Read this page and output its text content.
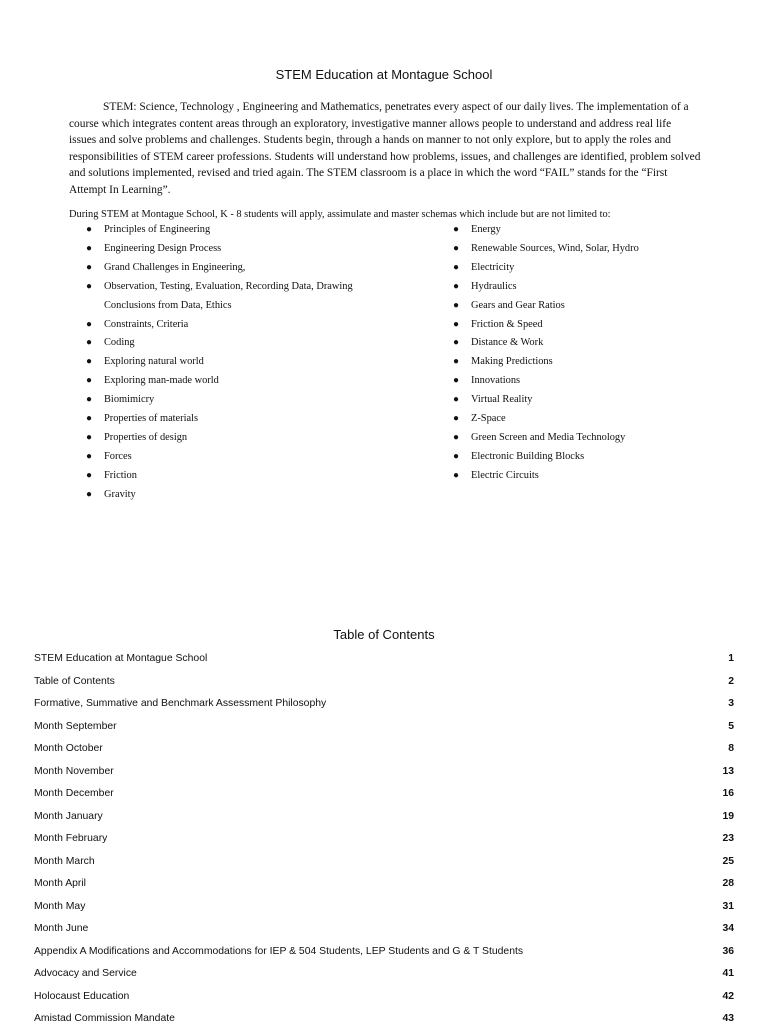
STEM Education at Montague School

STEM: Science, Technology , Engineering and Mathematics, penetrates every aspect of our daily lives. The implementation of a course which integrates content areas through an exploratory, investigative manner allows people to understand and address real life issues and solve problems and challenges. Students begin, through a hands on manner to not only explore, but to apply the roles and responsibilities of STEM career professions. Students will understand how problems, issues, and challenges are identified, problem solved and solutions implemented, revised and tried again. The STEM classroom is a place in which the word “FAIL” stands for the “First Attempt In Learning”.

During STEM at Montague School, K - 8 students will apply, assimulate and master schemas which include but are not limited to:

● Principles of Engineering
● Engineering Design Process
● Grand Challenges in Engineering,
● Observation, Testing, Evaluation, Recording Data, Drawing Conclusions from Data, Ethics
● Constraints, Criteria
● Coding
● Exploring natural world
● Exploring man-made world
● Biomimicry
● Properties of materials
● Properties of design
● Forces
● Friction
● Gravity
● Energy
● Renewable Sources, Wind, Solar, Hydro
● Electricity
● Hydraulics
● Gears and Gear Ratios
● Friction & Speed
● Distance & Work
● Making Predictions
● Innovations
● Virtual Reality
● Z-Space
● Green Screen and Media Technology
● Electronic Building Blocks
● Electric Circuits
Table of Contents
STEM Education at Montague School	1
Table of Contents	2
Formative, Summative and Benchmark Assessment Philosophy	3
Month September	5
Month October	8
Month November	13
Month December	16
Month January	19
Month February	23
Month March	25
Month April	28
Month May	31
Month June	34
Appendix A Modifications and Accommodations for IEP & 504 Students, LEP Students and G & T Students	36
Advocacy and Service	41
Holocaust Education	42
Amistad Commission Mandate	43
